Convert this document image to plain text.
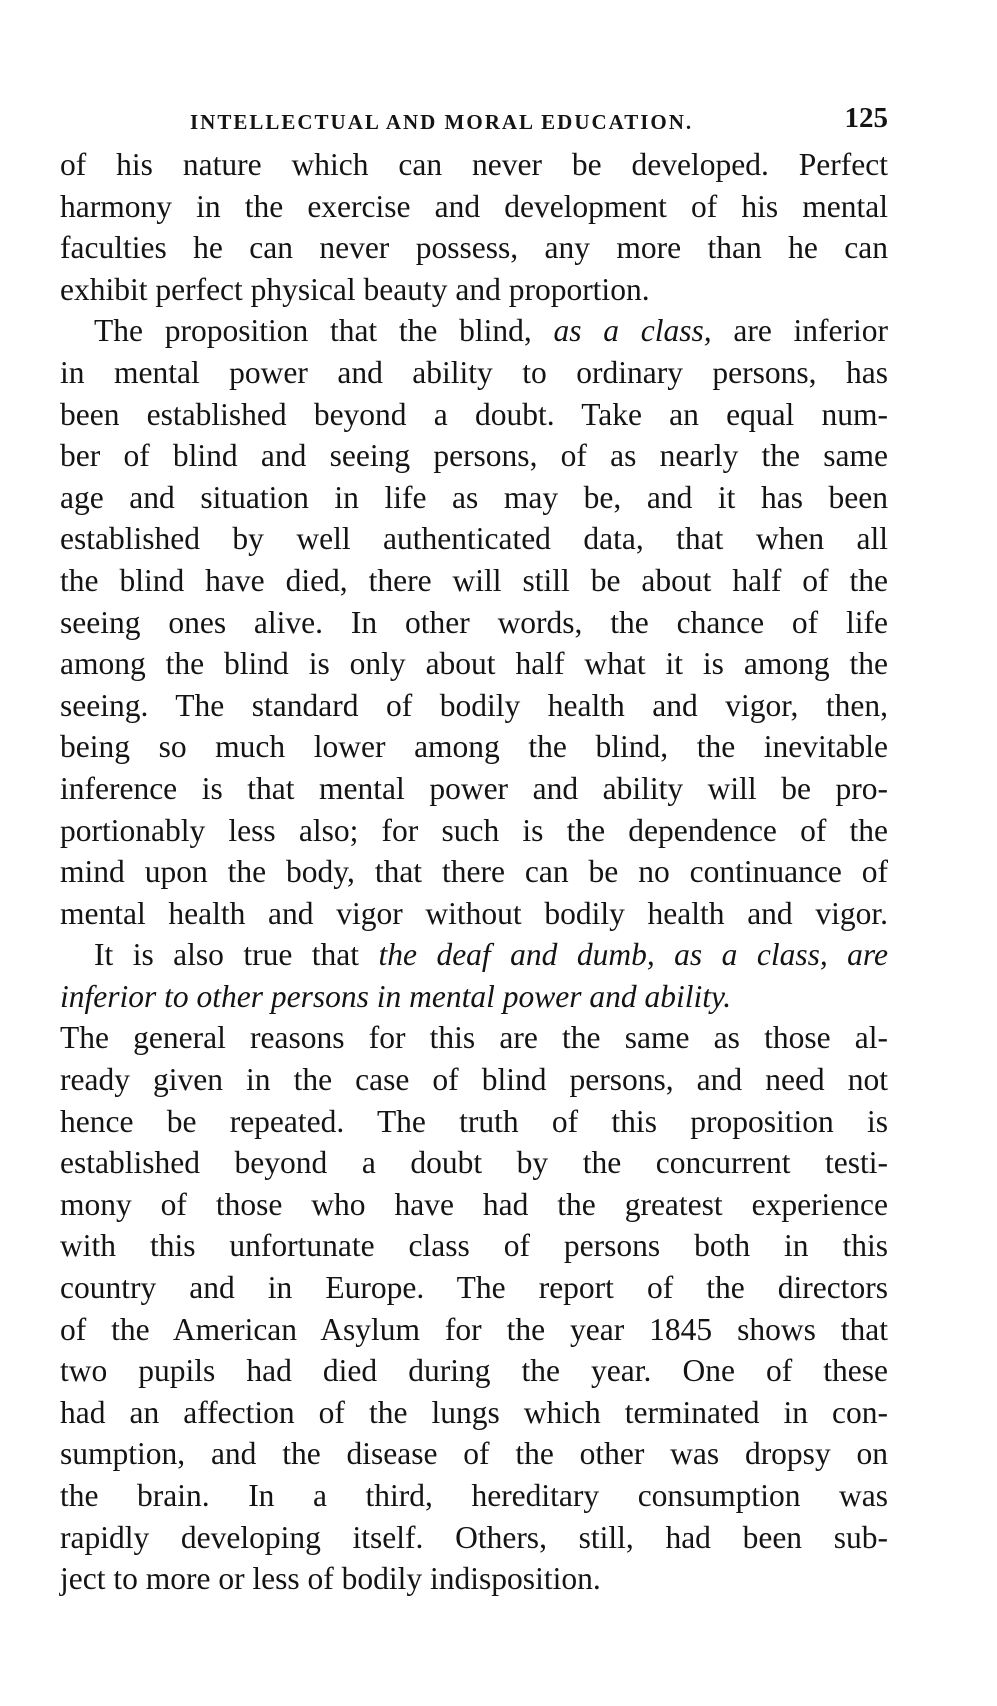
INTELLECTUAL AND MORAL EDUCATION.	125
of his nature which can never be developed. Perfect
harmony in the exercise and development of his mental
faculties he can never possess, any more than he can
exhibit perfect physical beauty and proportion.
The proposition that the blind, as a class, are inferior
in mental power and ability to ordinary persons, has
been established beyond a doubt. Take an equal num-
ber of blind and seeing persons, of as nearly the same
age and situation in life as may be, and it has been
established by well authenticated data, that when all
the blind have died, there will still be about half of the
seeing ones alive. In other words, the chance of life
among the blind is only about half what it is among the
seeing. The standard of bodily health and vigor, then,
being so much lower among the blind, the inevitable
inference is that mental power and ability will be pro-
portionably less also; for such is the dependence of the
mind upon the body, that there can be no continuance of
mental health and vigor without bodily health and vigor.
It is also true that the deaf and dumb, as a class, are
inferior to other persons in mental power and ability.
The general reasons for this are the same as those al-
ready given in the case of blind persons, and need not
hence be repeated. The truth of this proposition is
established beyond a doubt by the concurrent testi-
mony of those who have had the greatest experience
with this unfortunate class of persons both in this
country and in Europe. The report of the directors
of the American Asylum for the year 1845 shows that
two pupils had died during the year. One of these
had an affection of the lungs which terminated in con-
sumption, and the disease of the other was dropsy on
the brain. In a third, hereditary consumption was
rapidly developing itself. Others, still, had been sub-
ject to more or less of bodily indisposition.
